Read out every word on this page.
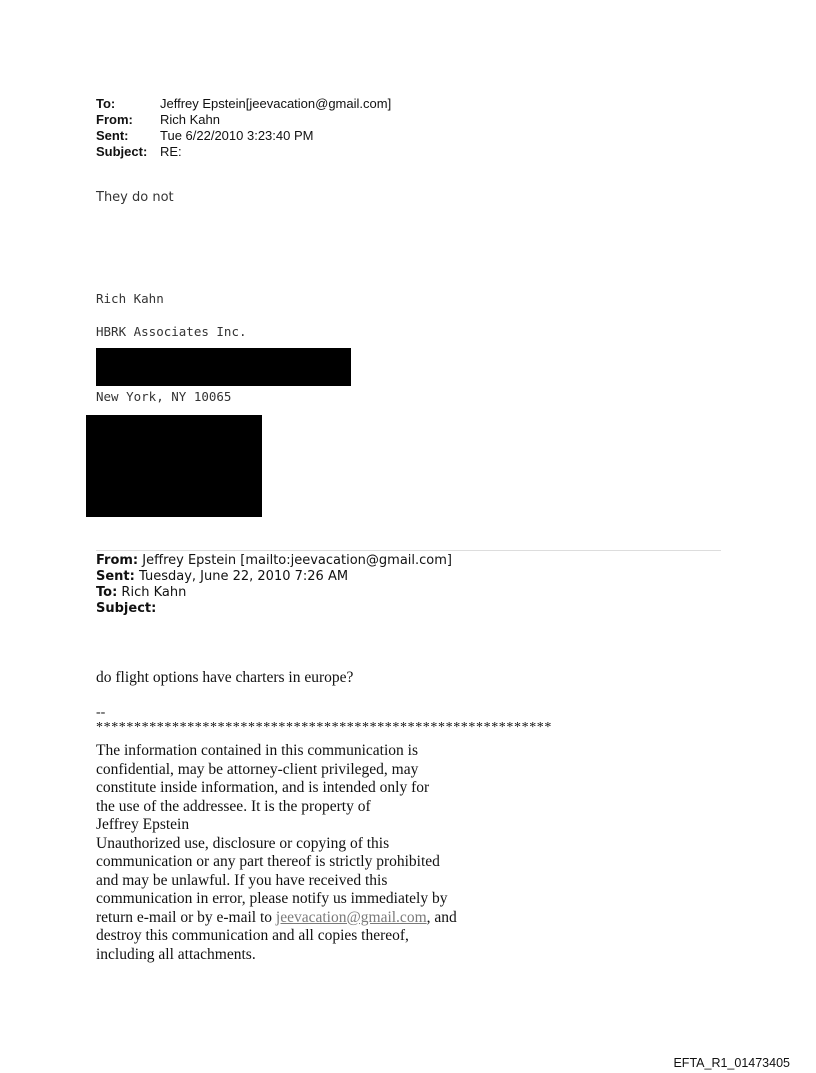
To:	Jeffrey Epstein[jeevacation@gmail.com]
From:	Rich Kahn
Sent:	Tue 6/22/2010 3:23:40 PM
Subject: RE:
They do not
Rich Kahn
HBRK Associates Inc.
New York, NY 10065
From: Jeffrey Epstein [mailto:jeevacation@gmail.com]
Sent: Tuesday, June 22, 2010 7:26 AM
To: Rich Kahn
Subject:
do flight options have charters in europe?
--
************************************************************
The information contained in this communication is
confidential, may be attorney-client privileged, may
constitute inside information, and is intended only for
the use of the addressee. It is the property of
Jeffrey Epstein
Unauthorized use, disclosure or copying of this
communication or any part thereof is strictly prohibited
and may be unlawful. If you have received this
communication in error, please notify us immediately by
return e-mail or by e-mail to jeevacation@gmail.com, and
destroy this communication and all copies thereof,
including all attachments.
EFTA_R1_01473405
